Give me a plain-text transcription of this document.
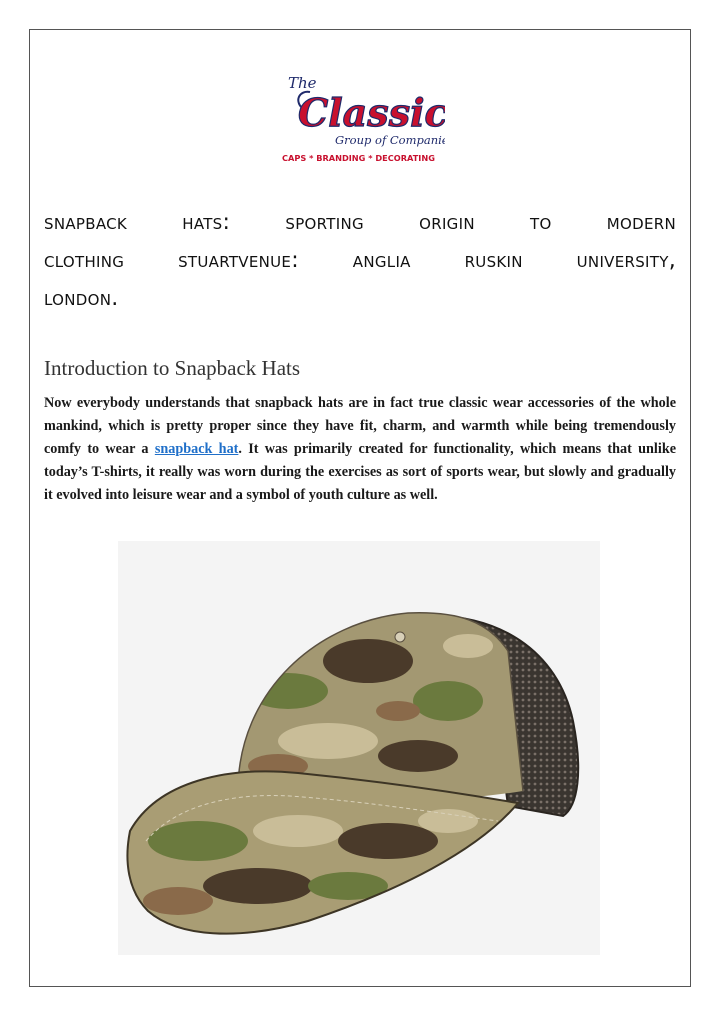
The
Classic
Group of Companies
CAPS * BRANDING * DECORATING
snapback hats: sporting origin to modern
clothing stuartvenue: anglia ruskin university,
london.
Introduction to Snapback Hats
Now everybody understands that snapback hats are in fact true classic wear accessories of the whole mankind, which is pretty proper since they have fit, charm, and warmth while being tremendously comfy to wear a snapback hat. It was primarily created for functionality, which means that unlike today’s T-shirts, it really was worn during the exercises as sort of sports wear, but slowly and gradually it evolved into leisure wear and a symbol of youth culture as well.
